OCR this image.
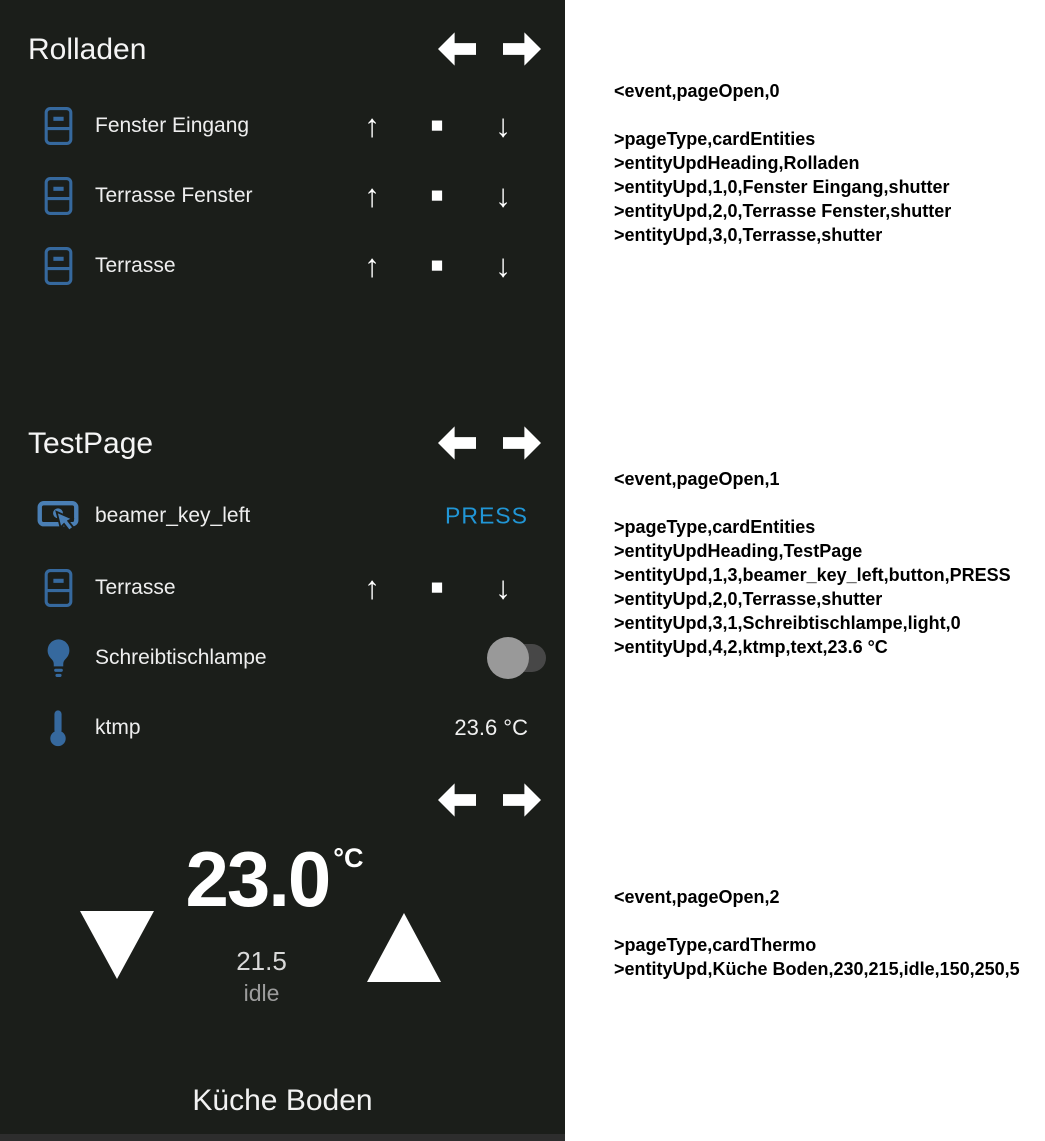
Rolladen
Fenster Eingang	↑	■	↓
Terrasse Fenster	↑	■	↓
Terrasse	↑	■	↓
TestPage
beamer_key_left	PRESS
Terrasse	↑	■	↓
Schreibtischlampe
ktmp	23.6 °C
23.0 °C
21.5
idle
Küche Boden
<event,pageOpen,0
>pageType,cardEntities
>entityUpdHeading,Rolladen
>entityUpd,1,0,Fenster Eingang,shutter
>entityUpd,2,0,Terrasse Fenster,shutter
>entityUpd,3,0,Terrasse,shutter
<event,pageOpen,1
>pageType,cardEntities
>entityUpdHeading,TestPage
>entityUpd,1,3,beamer_key_left,button,PRESS
>entityUpd,2,0,Terrasse,shutter
>entityUpd,3,1,Schreibtischlampe,light,0
>entityUpd,4,2,ktmp,text,23.6 °C
<event,pageOpen,2
>pageType,cardThermo
>entityUpd,Küche Boden,230,215,idle,150,250,5
